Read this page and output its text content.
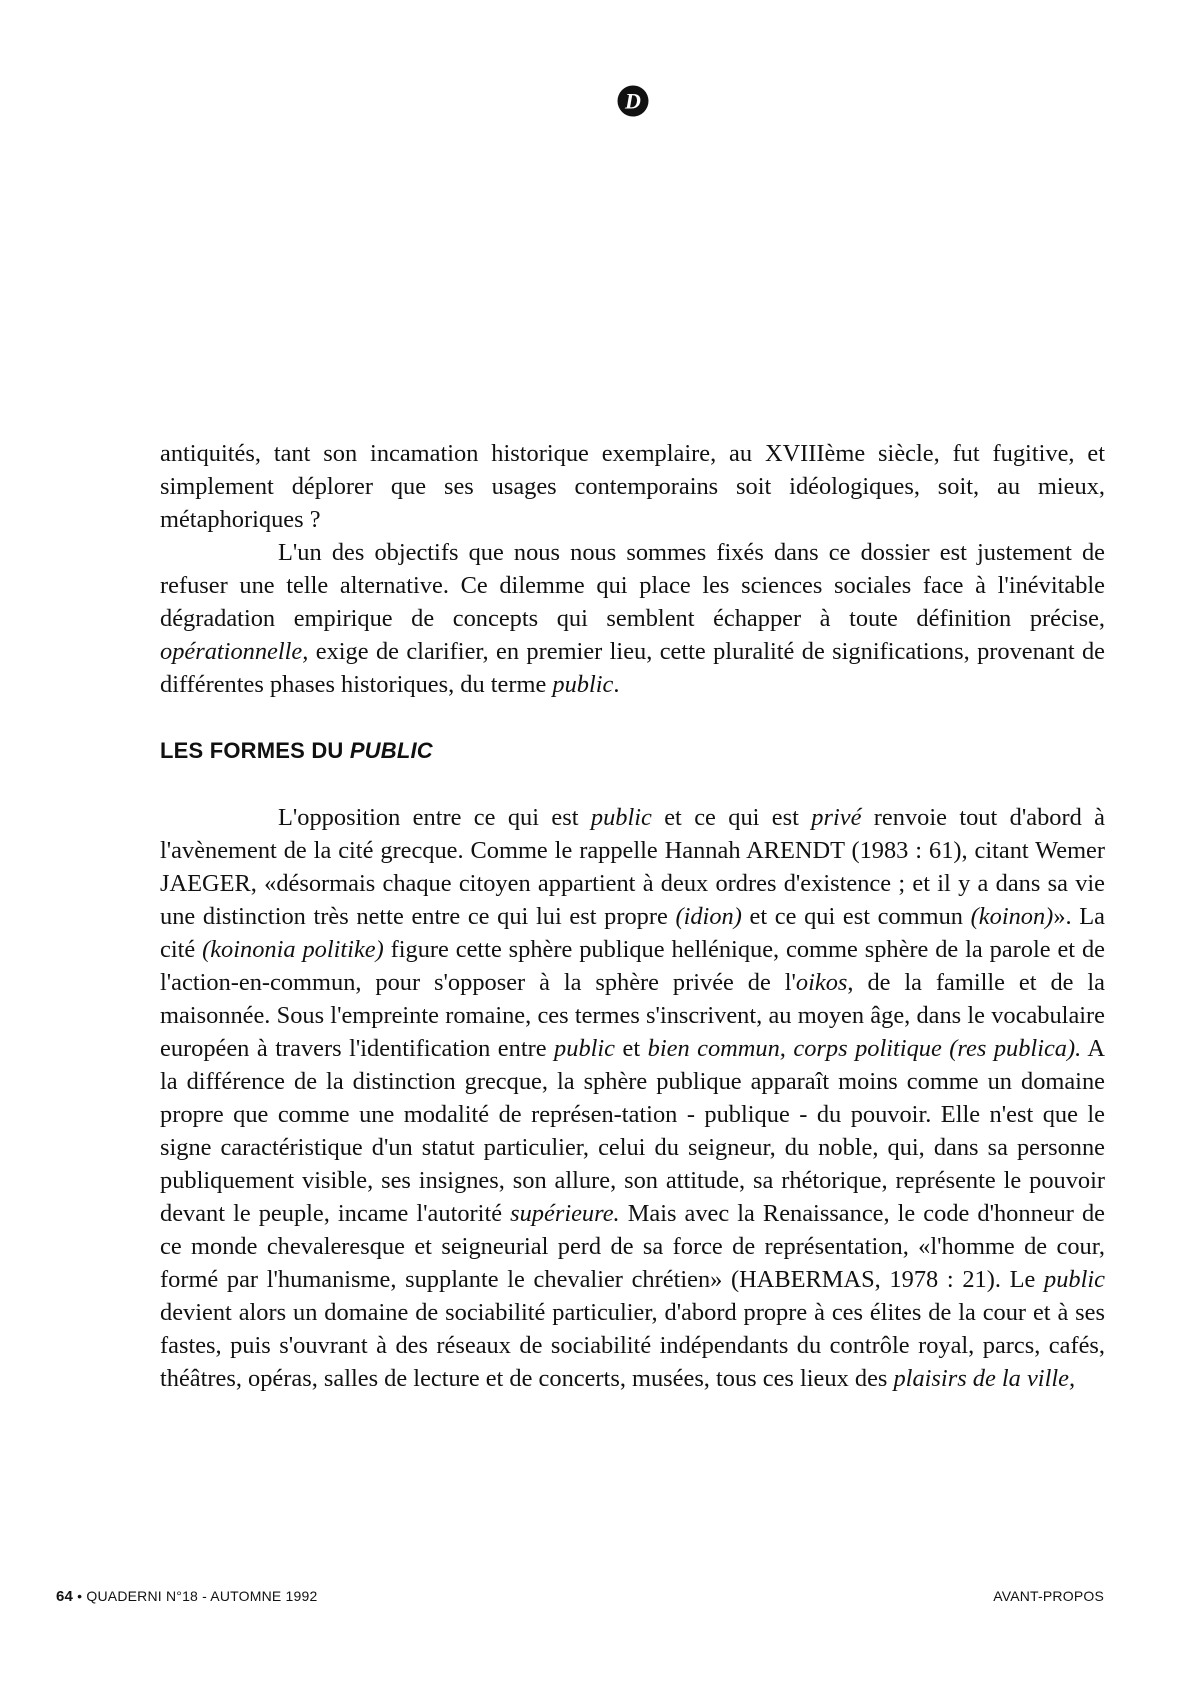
D

antiquités, tant son incamation historique exemplaire, au XVIIIème siècle, fut fugitive, et simplement déplorer que ses usages contemporains soit idéologiques, soit, au mieux, métaphoriques ?

L'un des objectifs que nous nous sommes fixés dans ce dossier est justement de refuser une telle alternative. Ce dilemme qui place les sciences sociales face à l'inévitable dégradation empirique de concepts qui semblent échapper à toute définition précise, opérationnelle, exige de clarifier, en premier lieu, cette pluralité de significations, provenant de différentes phases historiques, du terme public.

LES FORMES DU PUBLIC

L'opposition entre ce qui est public et ce qui est privé renvoie tout d'abord à l'avènement de la cité grecque. Comme le rappelle Hannah ARENDT (1983 : 61), citant Wemer JAEGER, «désormais chaque citoyen appartient à deux ordres d'existence ; et il y a dans sa vie une distinction très nette entre ce qui lui est propre (idion) et ce qui est commun (koinon)». La cité (koinonia politike) figure cette sphère publique hellénique, comme sphère de la parole et de l'action-en-commun, pour s'opposer à la sphère privée de l'oikos, de la famille et de la maisonnée. Sous l'empreinte romaine, ces termes s'inscrivent, au moyen âge, dans le vocabulaire européen à travers l'identification entre public et bien commun, corps politique (res publica). A la différence de la distinction grecque, la sphère publique apparaît moins comme un domaine propre que comme une modalité de représen-tation - publique - du pouvoir. Elle n'est que le signe caractéristique d'un statut particulier, celui du seigneur, du noble, qui, dans sa personne publiquement visible, ses insignes, son allure, son attitude, sa rhétorique, représente le pouvoir devant le peuple, incame l'autorité supérieure. Mais avec la Renaissance, le code d'honneur de ce monde chevaleresque et seigneurial perd de sa force de représentation, «l'homme de cour, formé par l'humanisme, supplante le chevalier chrétien» (HABERMAS, 1978 : 21). Le public devient alors un domaine de sociabilité particulier, d'abord propre à ces élites de la cour et à ses fastes, puis s'ouvrant à des réseaux de sociabilité indépendants du contrôle royal, parcs, cafés, théâtres, opéras, salles de lecture et de concerts, musées, tous ces lieux des plaisirs de la ville,

64 • QUADERNI N°18 - AUTOMNE 1992	AVANT-PROPOS
